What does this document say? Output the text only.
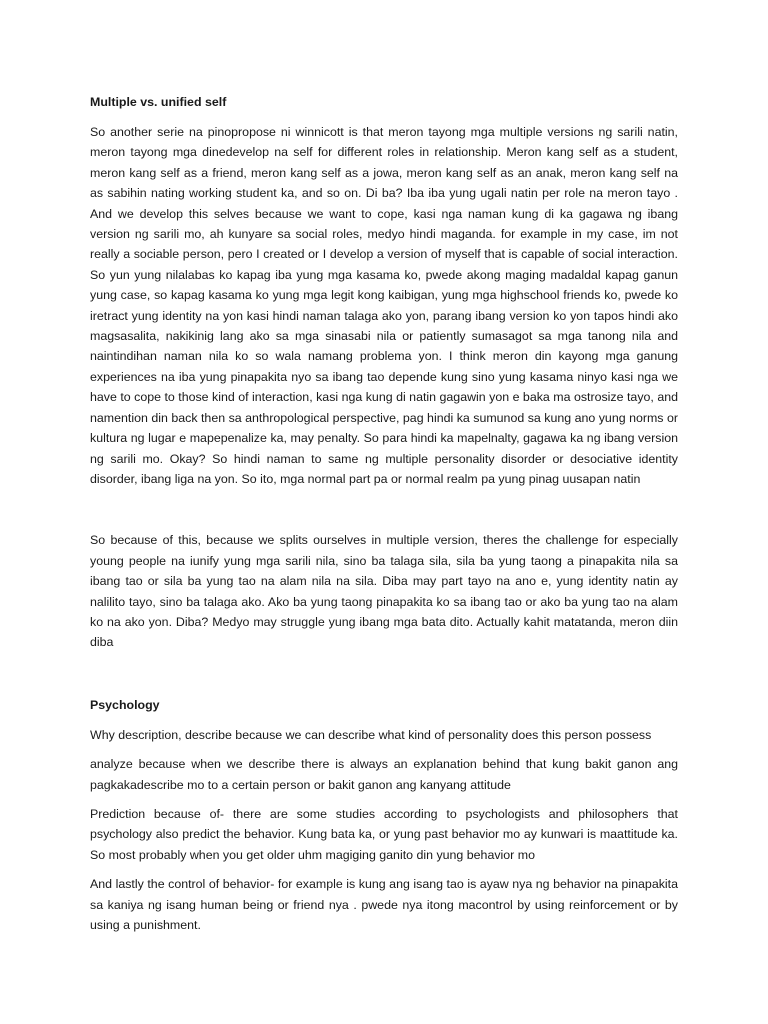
Multiple vs. unified self

So another serie na pinopropose ni winnicott is that meron tayong mga multiple versions ng sarili natin, meron tayong mga dinedevelop na self for different roles in relationship. Meron kang self as a student, meron kang self as a friend, meron kang self as a jowa, meron kang self as an anak, meron kang self na as sabihin nating working student ka, and so on. Di ba? Iba iba yung ugali natin per role na meron tayo . And we develop this selves because we want to cope, kasi nga naman kung di ka gagawa ng ibang version ng sarili mo, ah kunyare sa social roles, medyo hindi maganda. for example in my case, im not really a sociable person, pero I created or I develop a version of myself that is capable of social interaction. So yun yung nilalabas ko kapag iba yung mga kasama ko, pwede akong maging madaldal kapag ganun yung case, so kapag kasama ko yung mga legit kong kaibigan, yung mga highschool friends ko, pwede ko iretract yung identity na yon kasi hindi naman talaga ako yon, parang ibang version ko yon tapos hindi ako magsasalita, nakikinig lang ako sa mga sinasabi nila or patiently sumasagot sa mga tanong nila and naintindihan naman nila ko so wala namang problema yon. I think meron din kayong mga ganung experiences na iba yung pinapakita nyo sa ibang tao depende kung sino yung kasama ninyo kasi nga we have to cope to those kind of interaction, kasi nga kung di natin gagawin yon e baka ma ostrosize tayo, and namention din back then sa anthropological perspective, pag hindi ka sumunod sa kung ano yung norms or kultura ng lugar e mapepenalize ka, may penalty. So para hindi ka mapelnalty, gagawa ka ng ibang version ng sarili mo. Okay? So hindi naman to same ng multiple personality disorder or desociative identity disorder, ibang liga na yon. So ito, mga normal part pa or normal realm pa yung pinag uusapan natin

So because of this, because we splits ourselves in multiple version, theres the challenge for especially young people na iunify yung mga sarili nila, sino ba talaga sila, sila ba yung taong a pinapakita nila sa ibang tao or sila ba yung tao na alam nila na sila. Diba may part tayo na ano e, yung identity natin ay nalilito tayo, sino ba talaga ako. Ako ba yung taong pinapakita ko sa ibang tao or ako ba yung tao na alam ko na ako yon. Diba? Medyo may struggle yung ibang mga bata dito. Actually kahit matatanda, meron diin diba

Psychology

Why description, describe because we can describe what kind of personality does this person possess

analyze because when we describe there is always an explanation behind that kung bakit ganon ang pagkakadescribe mo to a certain person or bakit ganon ang kanyang attitude

Prediction because of- there are some studies according to psychologists and philosophers that psychology also predict the behavior. Kung bata ka, or yung past behavior mo ay kunwari is maattitude ka. So most probably when you get older uhm magiging ganito din yung behavior mo

And lastly the control of behavior- for example is kung ang isang tao is ayaw nya ng behavior na pinapakita sa kaniya ng isang human being or friend nya . pwede nya itong macontrol by using reinforcement or by using a punishment.
